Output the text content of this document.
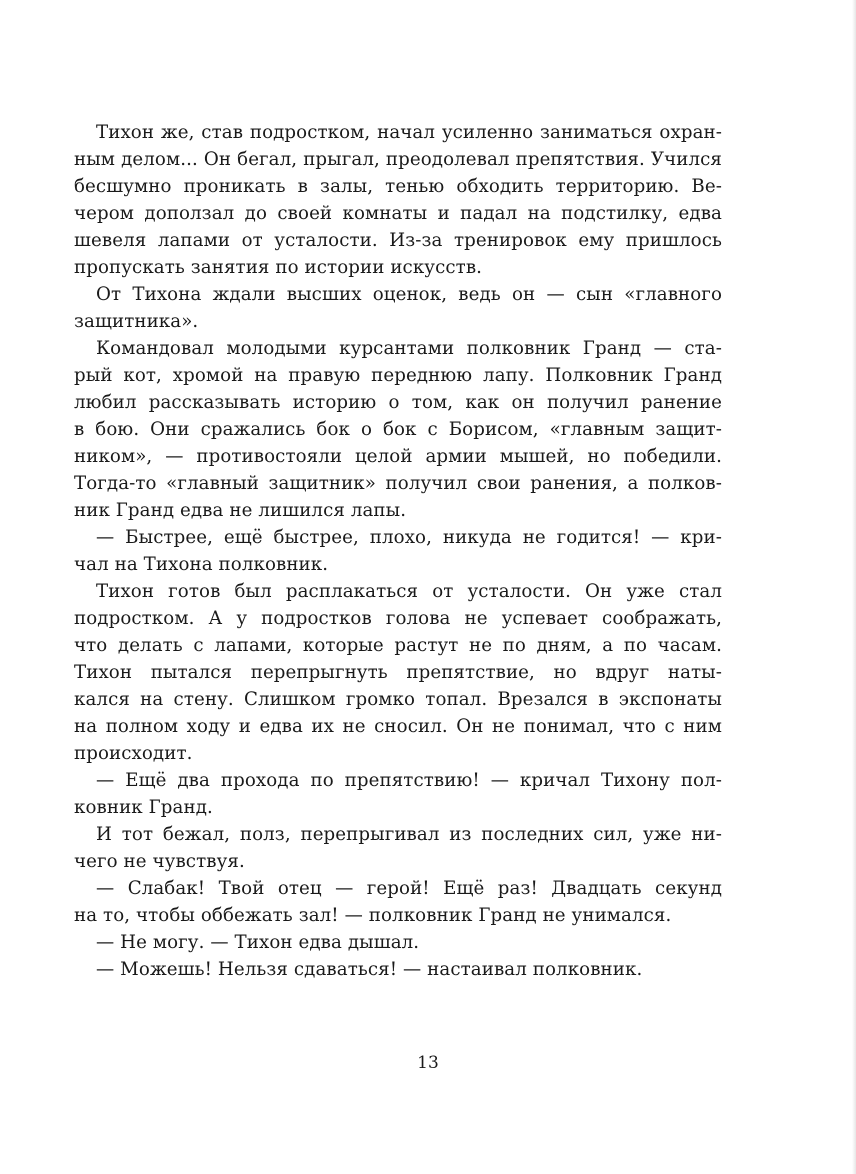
Тихон же, став подростком, начал усиленно заниматься охран-
ным делом... Он бегал, прыгал, преодолевал препятствия. Учился
бесшумно проникать в залы, тенью обходить территорию. Ве-
чером доползал до своей комнаты и падал на подстилку, едва
шевеля лапами от усталости. Из-за тренировок ему пришлось
пропускать занятия по истории искусств.
От Тихона ждали высших оценок, ведь он — сын «главного
защитника».
Командовал молодыми курсантами полковник Гранд — ста-
рый кот, хромой на правую переднюю лапу. Полковник Гранд
любил рассказывать историю о том, как он получил ранение
в бою. Они сражались бок о бок с Борисом, «главным защит-
ником», — противостояли целой армии мышей, но победили.
Тогда-то «главный защитник» получил свои ранения, а полков-
ник Гранд едва не лишился лапы.
— Быстрее, ещё быстрее, плохо, никуда не годится! — кри-
чал на Тихона полковник.
Тихон готов был расплакаться от усталости. Он уже стал
подростком. А у подростков голова не успевает соображать,
что делать с лапами, которые растут не по дням, а по часам.
Тихон пытался перепрыгнуть препятствие, но вдруг наты-
кался на стену. Слишком громко топал. Врезался в экспонаты
на полном ходу и едва их не сносил. Он не понимал, что с ним
происходит.
— Ещё два прохода по препятствию! — кричал Тихону пол-
ковник Гранд.
И тот бежал, полз, перепрыгивал из последних сил, уже ни-
чего не чувствуя.
— Слабак! Твой отец — герой! Ещё раз! Двадцать секунд
на то, чтобы оббежать зал! — полковник Гранд не унимался.
— Не могу. — Тихон едва дышал.
— Можешь! Нельзя сдаваться! — настаивал полковник.
13
